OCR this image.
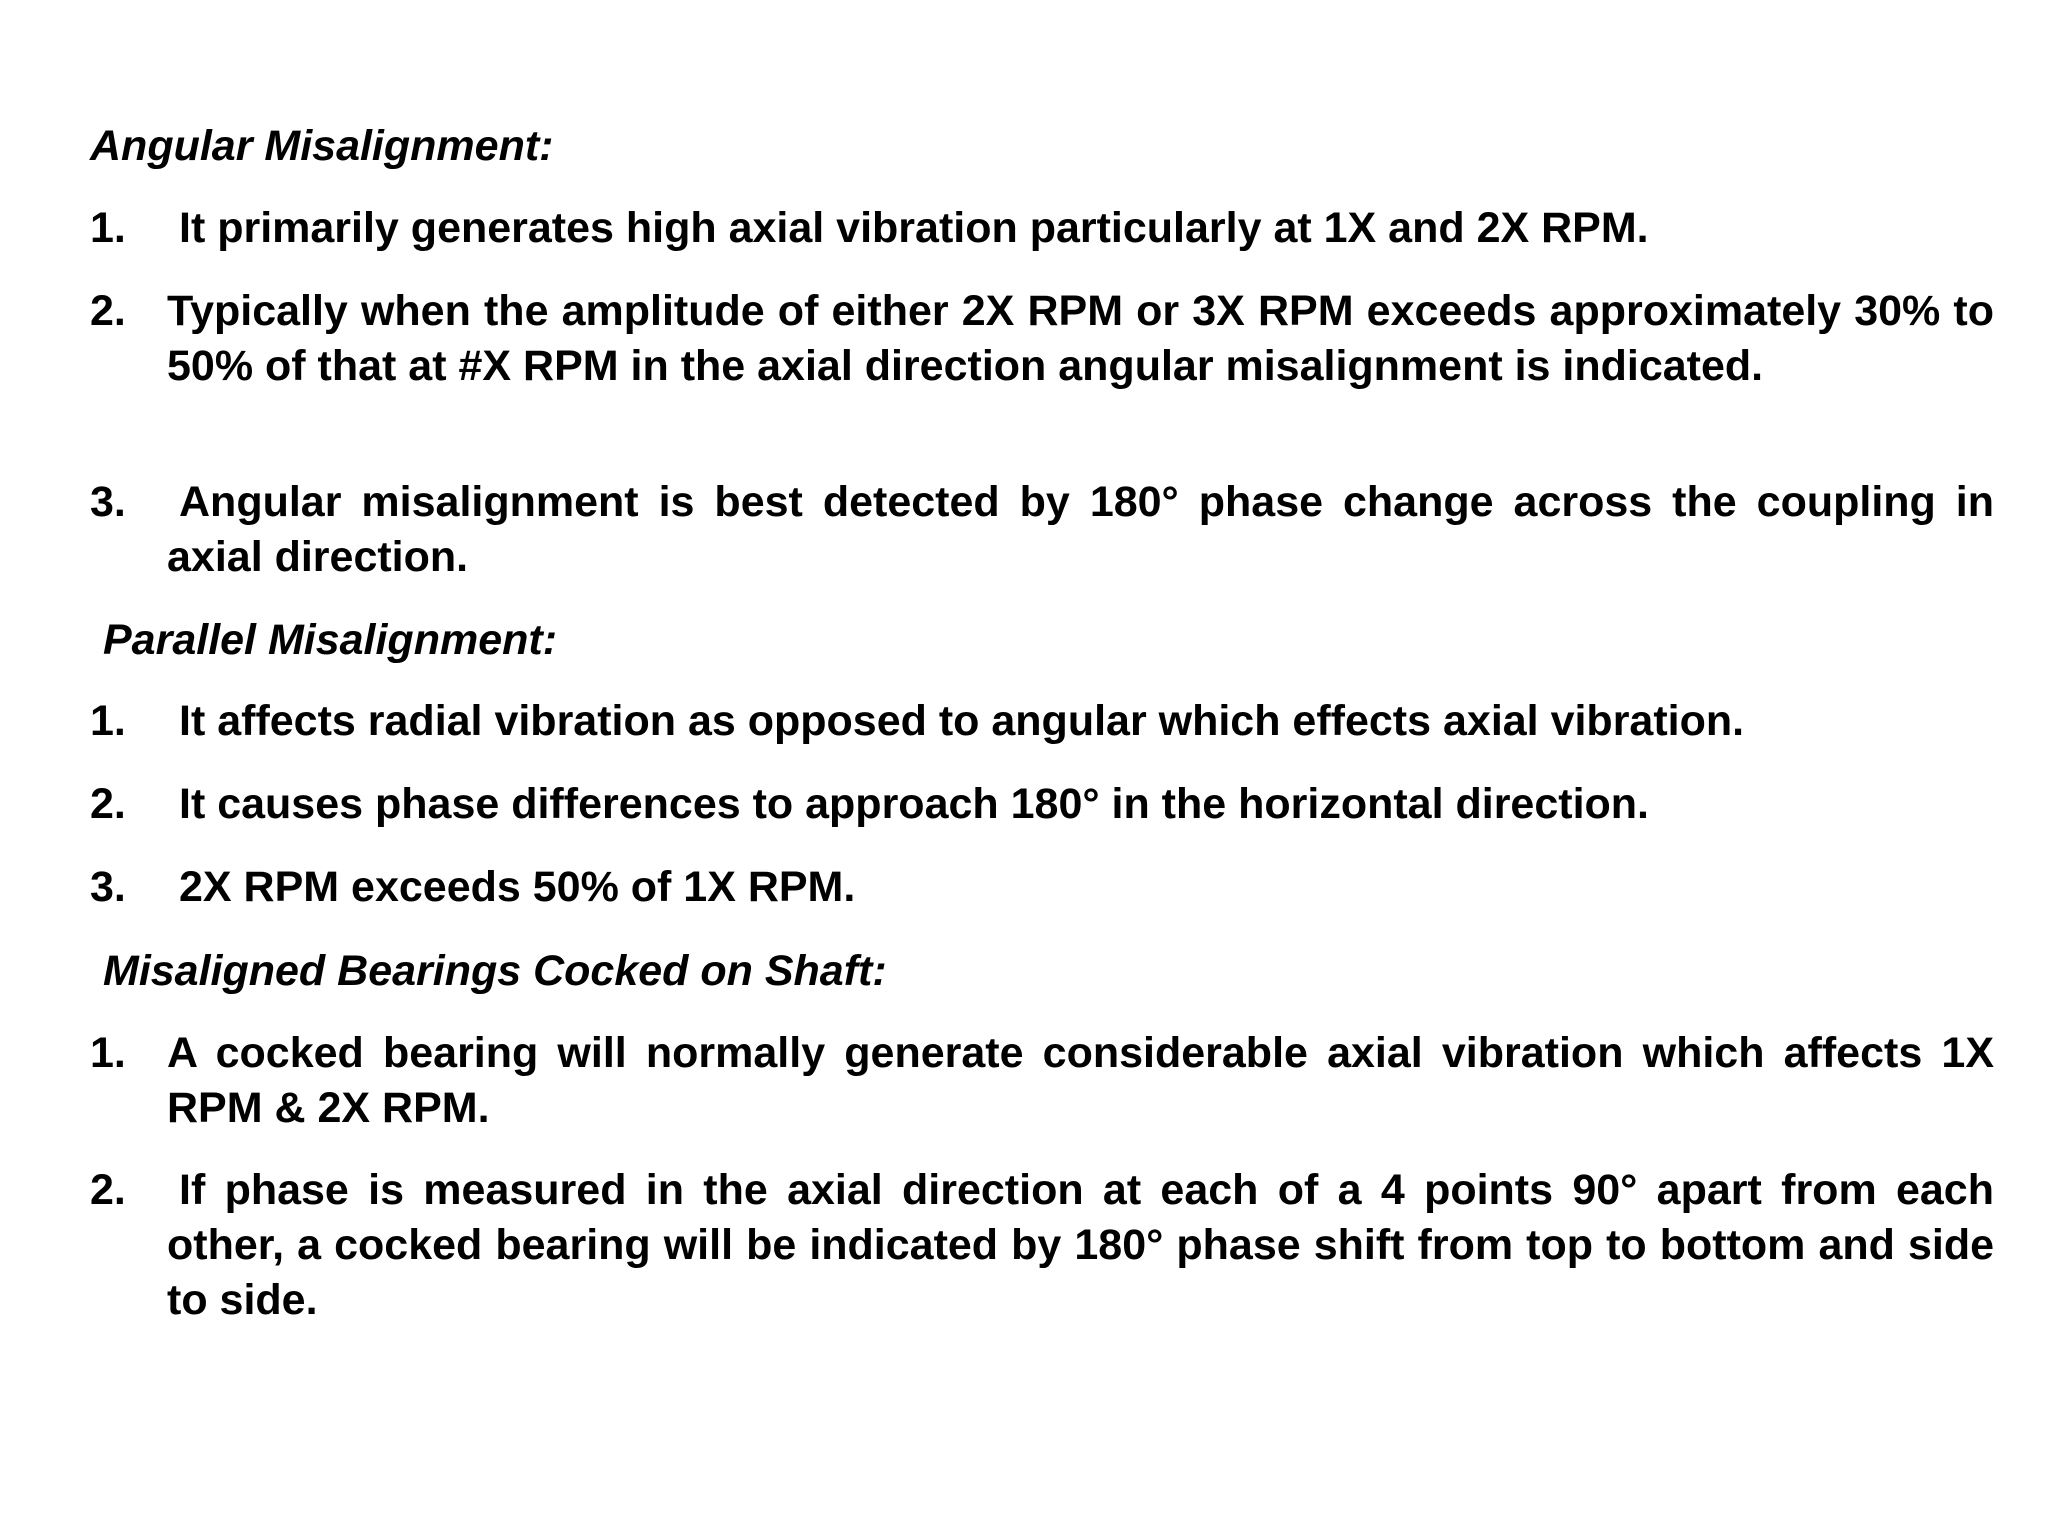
Angular Misalignment:
1. It primarily generates high axial vibration particularly at 1X and 2X RPM.
2. Typically when the amplitude of either 2X RPM or 3X RPM exceeds approximately 30% to 50% of that at #X RPM in the axial direction angular misalignment is indicated.
3. Angular misalignment is best detected by 180° phase change across the coupling in axial direction.
Parallel Misalignment:
1. It affects radial vibration as opposed to angular which effects axial vibration.
2. It causes phase differences to approach 180° in the horizontal direction.
3. 2X RPM exceeds 50% of 1X RPM.
Misaligned Bearings Cocked on Shaft:
1. A cocked bearing will normally generate considerable axial vibration which affects 1X RPM & 2X RPM.
2. If phase is measured in the axial direction at each of a 4 points 90° apart from each other, a cocked bearing will be indicated by 180° phase shift from top to bottom and side to side.
